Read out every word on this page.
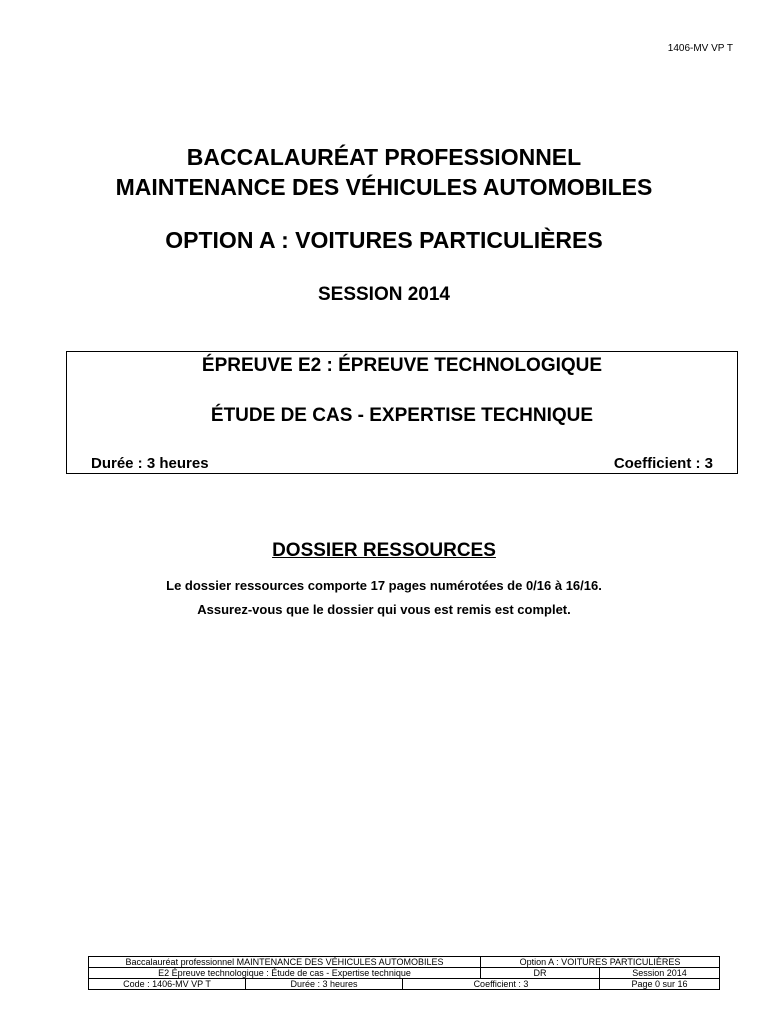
1406-MV VP T
BACCALAURÉAT PROFESSIONNEL
MAINTENANCE DES VÉHICULES AUTOMOBILES
OPTION A : VOITURES PARTICULIÈRES
SESSION 2014
ÉPREUVE E2 : ÉPREUVE TECHNOLOGIQUE
ÉTUDE DE CAS - EXPERTISE TECHNIQUE
Durée : 3 heures	Coefficient : 3
DOSSIER RESSOURCES
Le dossier ressources comporte 17 pages numérotées de 0/16 à 16/16.
Assurez-vous que le dossier qui vous est remis est complet.
Baccalauréat professionnel MAINTENANCE DES VÉHICULES AUTOMOBILES			Option A : VOITURES PARTICULIÈRES	
E2 Épreuve technologique : Étude de cas - Expertise technique			DR	Session 2014
Code : 1406-MV VP T	Durée : 3 heures	Coefficient : 3		Page 0 sur 16
